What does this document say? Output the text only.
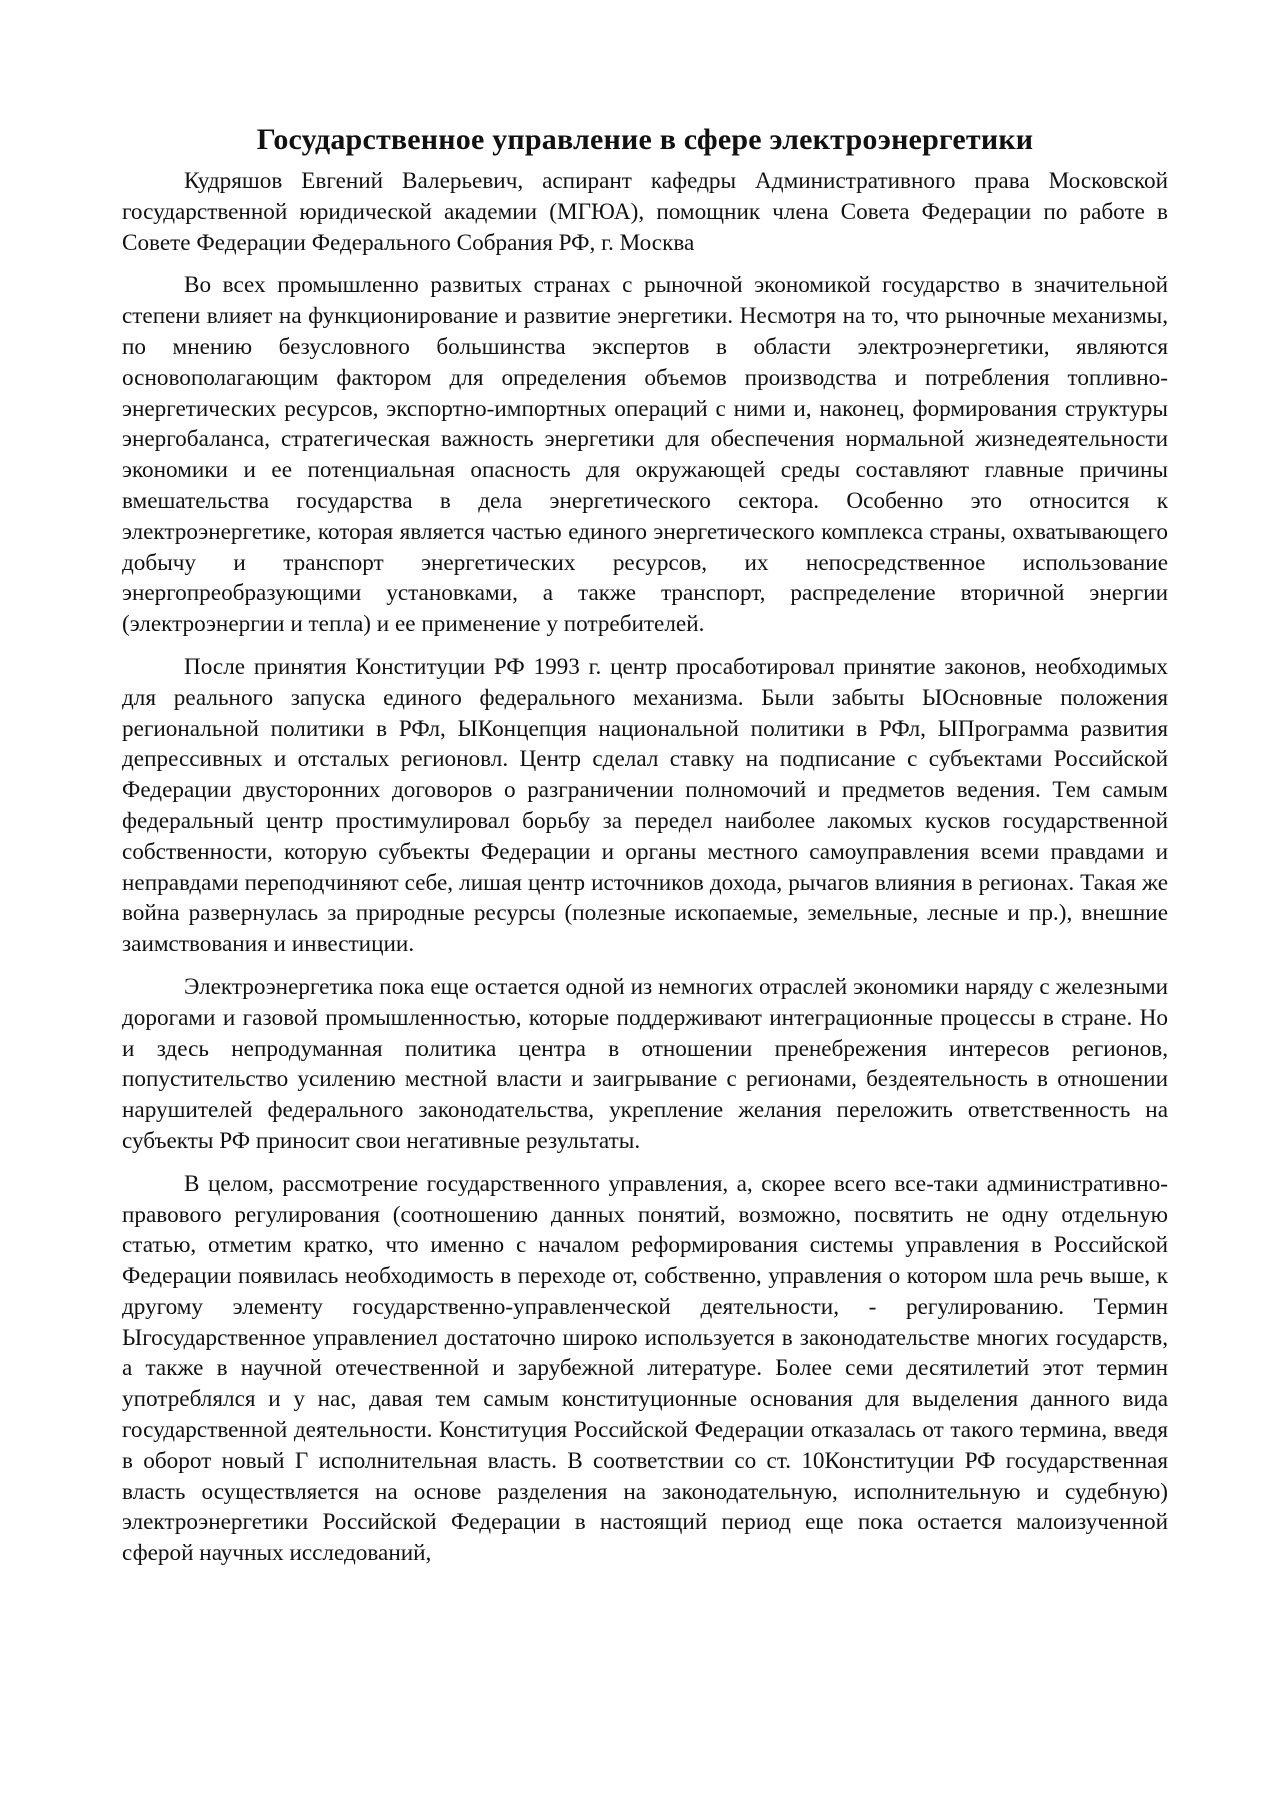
Государственное управление в сфере электроэнергетики

Кудряшов Евгений Валерьевич, аспирант кафедры Административного права Московской государственной юридической академии (МГЮА), помощник члена Совета Федерации по работе в Совете Федерации Федерального Собрания РФ, г. Москва

Во всех промышленно развитых странах с рыночной экономикой государство в значительной степени влияет на функционирование и развитие энергетики. Несмотря на то, что рыночные механизмы, по мнению безусловного большинства экспертов в области электроэнергетики, являются основополагающим фактором для определения объемов производства и потребления топливно-энергетических ресурсов, экспортно-импортных операций с ними и, наконец, формирования структуры энергобаланса, стратегическая важность энергетики для обеспечения нормальной жизнедеятельности экономики и ее потенциальная опасность для окружающей среды составляют главные причины вмешательства государства в дела энергетического сектора. Особенно это относится к электроэнергетике, которая является частью единого энергетического комплекса страны, охватывающего добычу и транспорт энергетических ресурсов, их непосредственное использование энергопреобразующими установками, а также транспорт, распределение вторичной энергии (электроэнергии и тепла) и ее применение у потребителей.

После принятия Конституции РФ 1993 г. центр просаботировал принятие законов, необходимых для реального запуска единого федерального механизма. Были забыты ЫОсновные положения региональной политики в РФл, ЫКонцепция национальной политики в РФл, ЫПрограмма развития депрессивных и отсталых регионовл. Центр сделал ставку на подписание с субъектами Российской Федерации двусторонних договоров о разграничении полномочий и предметов ведения. Тем самым федеральный центр простимулировал борьбу за передел наиболее лакомых кусков государственной собственности, которую субъекты Федерации и органы местного самоуправления всеми правдами и неправдами переподчиняют себе, лишая центр источников дохода, рычагов влияния в регионах. Такая же война развернулась за природные ресурсы (полезные ископаемые, земельные, лесные и пр.), внешние заимствования и инвестиции.

Электроэнергетика пока еще остается одной из немногих отраслей экономики наряду с железными дорогами и газовой промышленностью, которые поддерживают интеграционные процессы в стране. Но и здесь непродуманная политика центра в отношении пренебрежения интересов регионов, попустительство усилению местной власти и заигрывание с регионами, бездеятельность в отношении нарушителей федерального законодательства, укрепление желания переложить ответственность на субъекты РФ приносит свои негативные результаты.

В целом, рассмотрение государственного управления, а, скорее всего все-таки административно-правового регулирования (соотношению данных понятий, возможно, посвятить не одну отдельную статью, отметим кратко, что именно с началом реформирования системы управления в Российской Федерации появилась необходимость в переходе от, собственно, управления о котором шла речь выше, к другому элементу государственно-управленческой деятельности, - регулированию. Термин Ыгосударственное управлениел достаточно широко используется в законодательстве многих государств, а также в научной отечественной и зарубежной литературе. Более семи десятилетий этот термин употреблялся и у нас, давая тем самым конституционные основания для выделения данного вида государственной деятельности. Конституция Российской Федерации отказалась от такого термина, введя в оборот новый Г исполнительная власть. В соответствии со ст. 10Конституции РФ государственная власть осуществляется на основе разделения на законодательную, исполнительную и судебную) электроэнергетики Российской Федерации в настоящий период еще пока остается малоизученной сферой научных исследований,
